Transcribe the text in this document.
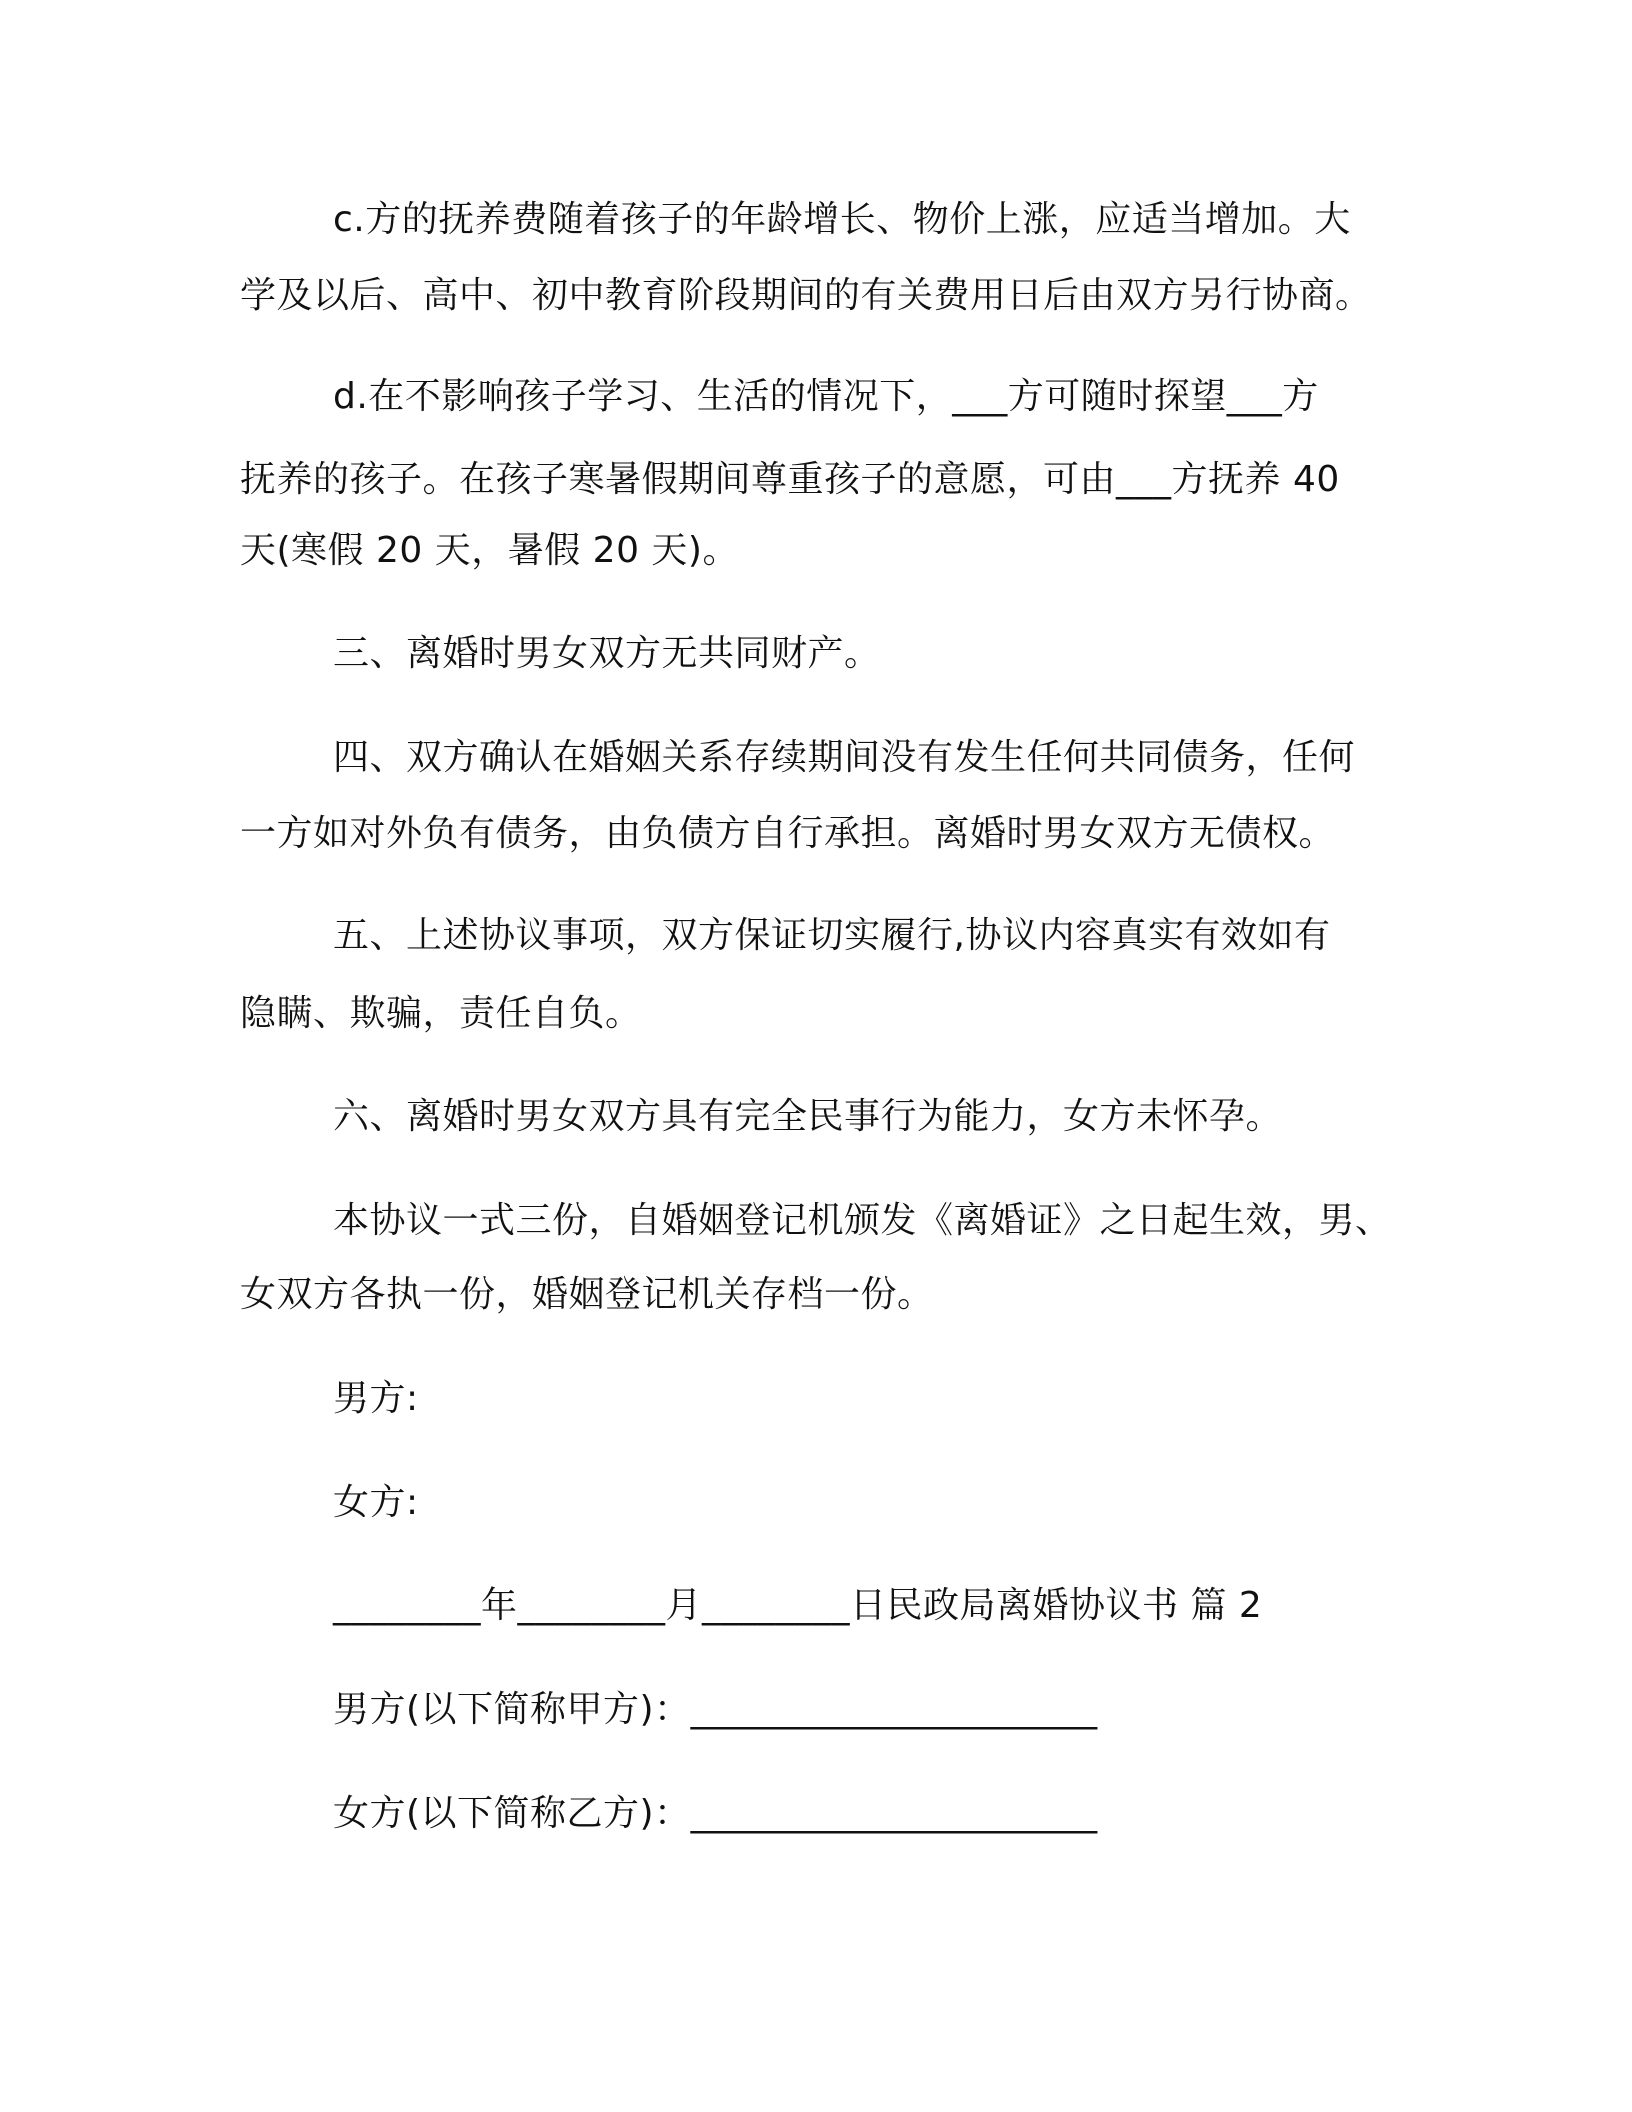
c.方的抚养费随着孩子的年龄增长、物价上涨，应适当增加。大
学及以后、高中、初中教育阶段期间的有关费用日后由双方另行协商。
d.在不影响孩子学习、生活的情况下，___方可随时探望___方
抚养的孩子。在孩子寒暑假期间尊重孩子的意愿，可由___方抚养 40
天(寒假 20 天，暑假 20 天)。
三、离婚时男女双方无共同财产。
四、双方确认在婚姻关系存续期间没有发生任何共同债务，任何
一方如对外负有债务，由负债方自行承担。离婚时男女双方无债权。
五、上述协议事项，双方保证切实履行,协议内容真实有效如有
隐瞒、欺骗，责任自负。
六、离婚时男女双方具有完全民事行为能力，女方未怀孕。
本协议一式三份，自婚姻登记机颁发《离婚证》之日起生效，男、
女双方各执一份，婚姻登记机关存档一份。
男方:
女方:
________年________月________日民政局离婚协议书 篇 2
男方(以下简称甲方)：______________________
女方(以下简称乙方)：______________________
